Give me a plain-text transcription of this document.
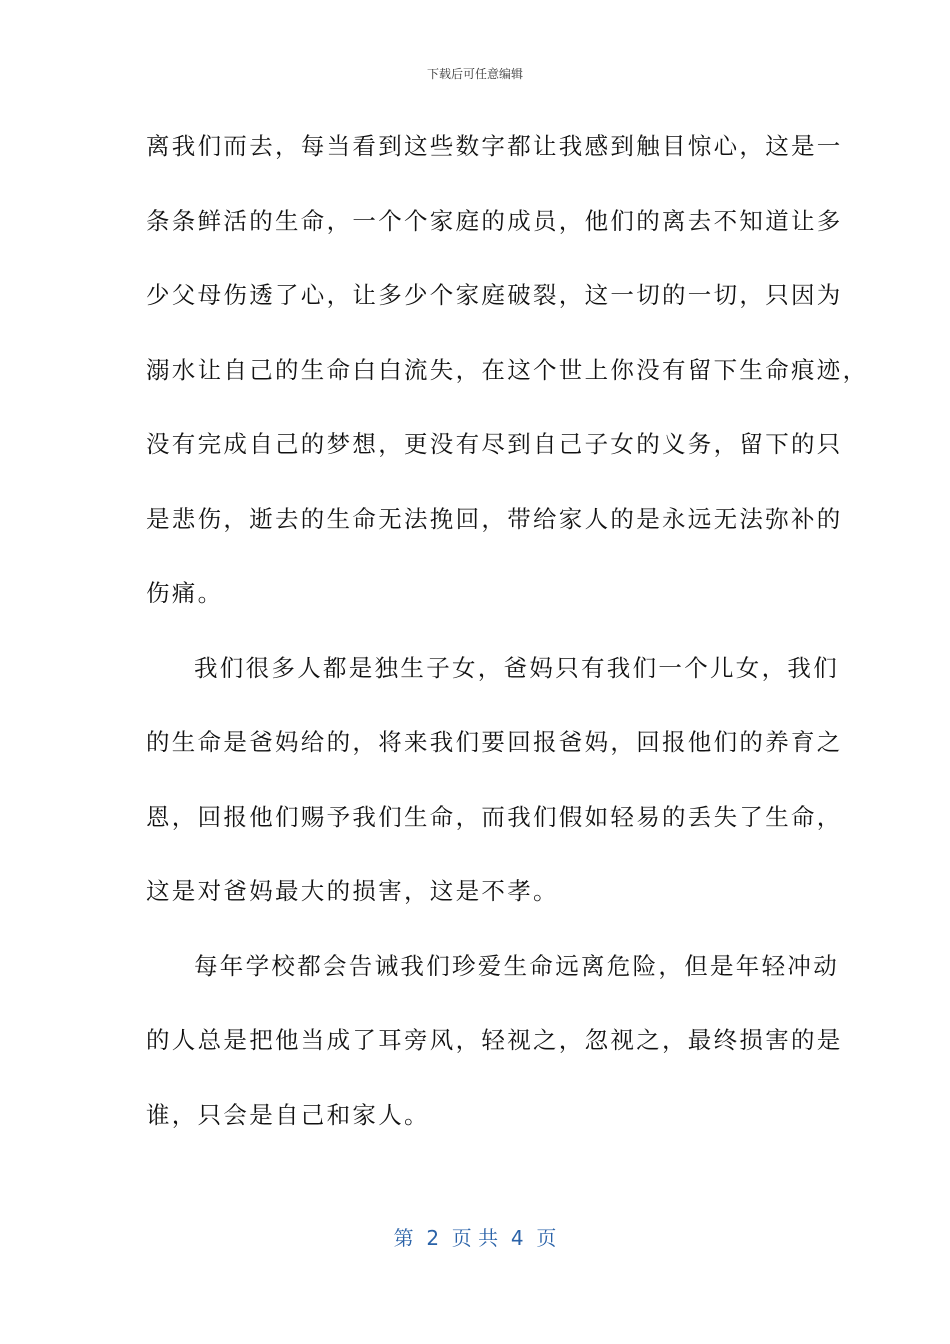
下载后可任意编辑
离我们而去，每当看到这些数字都让我感到触目惊心，这是一
条条鲜活的生命，一个个家庭的成员，他们的离去不知道让多
少父母伤透了心，让多少个家庭破裂，这一切的一切，只因为
溺水让自己的生命白白流失，在这个世上你没有留下生命痕迹，
没有完成自己的梦想，更没有尽到自己子女的义务，留下的只
是悲伤，逝去的生命无法挽回，带给家人的是永远无法弥补的
伤痛。
我们很多人都是独生子女，爸妈只有我们一个儿女，我们
的生命是爸妈给的，将来我们要回报爸妈，回报他们的养育之
恩，回报他们赐予我们生命，而我们假如轻易的丢失了生命，
这是对爸妈最大的损害，这是不孝。
每年学校都会告诫我们珍爱生命远离危险，但是年轻冲动
的人总是把他当成了耳旁风，轻视之，忽视之，最终损害的是
谁，只会是自己和家人。
第  2  页 共  4  页
